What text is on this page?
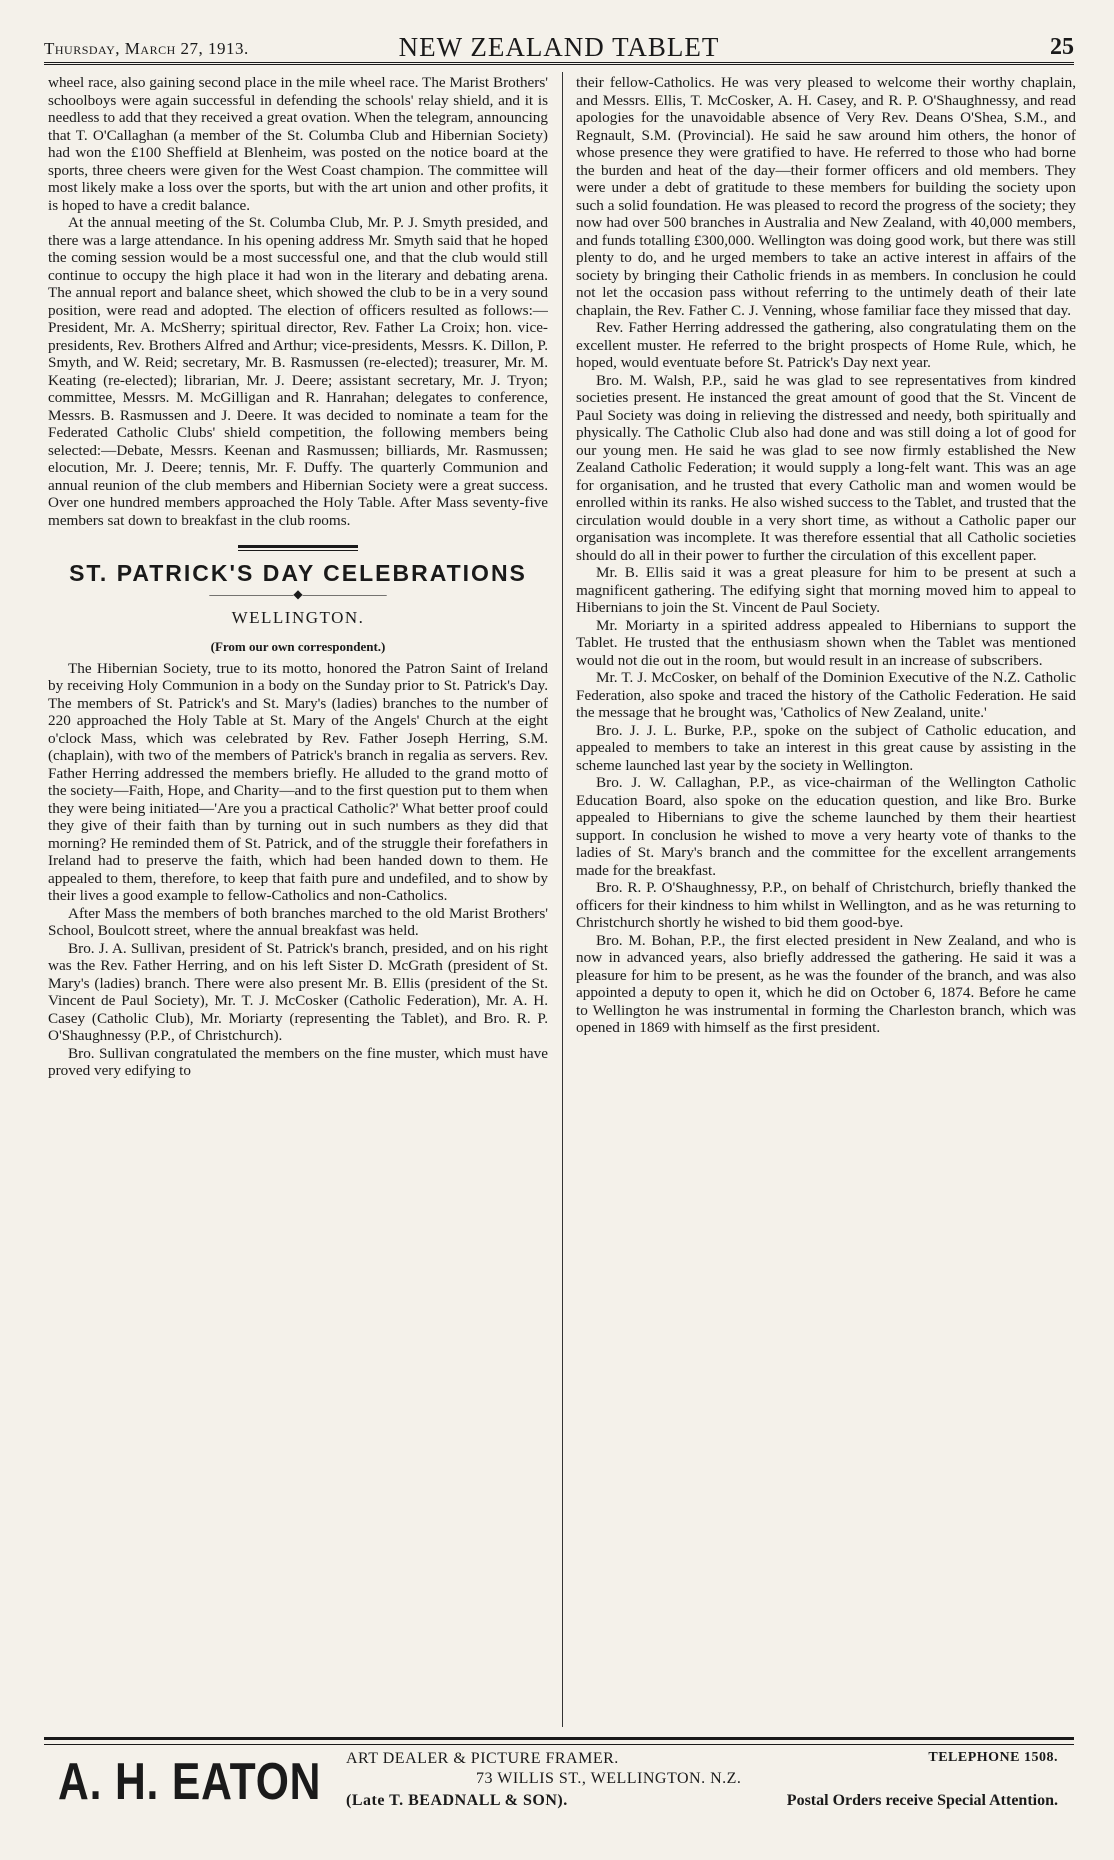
Thursday, March 27, 1913.	NEW ZEALAND TABLET	25

wheel race, also gaining second place in the mile wheel race. The Marist Brothers' schoolboys were again successful in defending the schools' relay shield, and it is needless to add that they received a great ovation. When the telegram, announcing that T. O'Callaghan (a member of the St. Columba Club and Hibernian Society) had won the £100 Sheffield at Blenheim, was posted on the notice board at the sports, three cheers were given for the West Coast champion. The committee will most likely make a loss over the sports, but with the art union and other profits, it is hoped to have a credit balance.

At the annual meeting of the St. Columba Club, Mr. P. J. Smyth presided, and there was a large attendance. In his opening address Mr. Smyth said that he hoped the coming session would be a most successful one, and that the club would still continue to occupy the high place it had won in the literary and debating arena. The annual report and balance sheet, which showed the club to be in a very sound position, were read and adopted. The election of officers resulted as follows:—President, Mr. A. McSherry; spiritual director, Rev. Father La Croix; hon. vice-presidents, Rev. Brothers Alfred and Arthur; vice-presidents, Messrs. K. Dillon, P. Smyth, and W. Reid; secretary, Mr. B. Rasmussen (re-elected); treasurer, Mr. M. Keating (re-elected); librarian, Mr. J. Deere; assistant secretary, Mr. J. Tryon; committee, Messrs. M. McGilligan and R. Hanrahan; delegates to conference, Messrs. B. Rasmussen and J. Deere. It was decided to nominate a team for the Federated Catholic Clubs' shield competition, the following members being selected:—Debate, Messrs. Keenan and Rasmussen; billiards, Mr. Rasmussen; elocution, Mr. J. Deere; tennis, Mr. F. Duffy. The quarterly Communion and annual reunion of the club members and Hibernian Society were a great success. Over one hundred members approached the Holy Table. After Mass seventy-five members sat down to breakfast in the club rooms.

ST. PATRICK'S DAY CELEBRATIONS
———————◆———————
WELLINGTON.
(From our own correspondent.)

The Hibernian Society, true to its motto, honored the Patron Saint of Ireland by receiving Holy Communion in a body on the Sunday prior to St. Patrick's Day. The members of St. Patrick's and St. Mary's (ladies) branches to the number of 220 approached the Holy Table at St. Mary of the Angels' Church at the eight o'clock Mass, which was celebrated by Rev. Father Joseph Herring, S.M. (chaplain), with two of the members of Patrick's branch in regalia as servers. Rev. Father Herring addressed the members briefly. He alluded to the grand motto of the society—Faith, Hope, and Charity—and to the first question put to them when they were being initiated—'Are you a practical Catholic?' What better proof could they give of their faith than by turning out in such numbers as they did that morning? He reminded them of St. Patrick, and of the struggle their forefathers in Ireland had to preserve the faith, which had been handed down to them. He appealed to them, therefore, to keep that faith pure and undefiled, and to show by their lives a good example to fellow-Catholics and non-Catholics.

After Mass the members of both branches marched to the old Marist Brothers' School, Boulcott street, where the annual breakfast was held.

Bro. J. A. Sullivan, president of St. Patrick's branch, presided, and on his right was the Rev. Father Herring, and on his left Sister D. McGrath (president of St. Mary's (ladies) branch. There were also present Mr. B. Ellis (president of the St. Vincent de Paul Society), Mr. T. J. McCosker (Catholic Federation), Mr. A. H. Casey (Catholic Club), Mr. Moriarty (representing the Tablet), and Bro. R. P. O'Shaughnessy (P.P., of Christchurch).

Bro. Sullivan congratulated the members on the fine muster, which must have proved very edifying to

their fellow-Catholics. He was very pleased to welcome their worthy chaplain, and Messrs. Ellis, T. McCosker, A. H. Casey, and R. P. O'Shaughnessy, and read apologies for the unavoidable absence of Very Rev. Deans O'Shea, S.M., and Regnault, S.M. (Provincial). He said he saw around him others, the honor of whose presence they were gratified to have. He referred to those who had borne the burden and heat of the day—their former officers and old members. They were under a debt of gratitude to these members for building the society upon such a solid foundation. He was pleased to record the progress of the society; they now had over 500 branches in Australia and New Zealand, with 40,000 members, and funds totalling £300,000. Wellington was doing good work, but there was still plenty to do, and he urged members to take an active interest in affairs of the society by bringing their Catholic friends in as members. In conclusion he could not let the occasion pass without referring to the untimely death of their late chaplain, the Rev. Father C. J. Venning, whose familiar face they missed that day.

Rev. Father Herring addressed the gathering, also congratulating them on the excellent muster. He referred to the bright prospects of Home Rule, which, he hoped, would eventuate before St. Patrick's Day next year.

Bro. M. Walsh, P.P., said he was glad to see representatives from kindred societies present. He instanced the great amount of good that the St. Vincent de Paul Society was doing in relieving the distressed and needy, both spiritually and physically. The Catholic Club also had done and was still doing a lot of good for our young men. He said he was glad to see now firmly established the New Zealand Catholic Federation; it would supply a long-felt want. This was an age for organisation, and he trusted that every Catholic man and women would be enrolled within its ranks. He also wished success to the Tablet, and trusted that the circulation would double in a very short time, as without a Catholic paper our organisation was incomplete. It was therefore essential that all Catholic societies should do all in their power to further the circulation of this excellent paper.

Mr. B. Ellis said it was a great pleasure for him to be present at such a magnificent gathering. The edifying sight that morning moved him to appeal to Hibernians to join the St. Vincent de Paul Society.

Mr. Moriarty in a spirited address appealed to Hibernians to support the Tablet. He trusted that the enthusiasm shown when the Tablet was mentioned would not die out in the room, but would result in an increase of subscribers.

Mr. T. J. McCosker, on behalf of the Dominion Executive of the N.Z. Catholic Federation, also spoke and traced the history of the Catholic Federation. He said the message that he brought was, 'Catholics of New Zealand, unite.'

Bro. J. J. L. Burke, P.P., spoke on the subject of Catholic education, and appealed to members to take an interest in this great cause by assisting in the scheme launched last year by the society in Wellington.

Bro. J. W. Callaghan, P.P., as vice-chairman of the Wellington Catholic Education Board, also spoke on the education question, and like Bro. Burke appealed to Hibernians to give the scheme launched by them their heartiest support. In conclusion he wished to move a very hearty vote of thanks to the ladies of St. Mary's branch and the committee for the excellent arrangements made for the breakfast.

Bro. R. P. O'Shaughnessy, P.P., on behalf of Christchurch, briefly thanked the officers for their kindness to him whilst in Wellington, and as he was returning to Christchurch shortly he wished to bid them good-bye.

Bro. M. Bohan, P.P., the first elected president in New Zealand, and who is now in advanced years, also briefly addressed the gathering. He said it was a pleasure for him to be present, as he was the founder of the branch, and was also appointed a deputy to open it, which he did on October 6, 1874. Before he came to Wellington he was instrumental in forming the Charleston branch, which was opened in 1869 with himself as the first president.

A. H. EATON ART DEALER & PICTURE FRAMER.
73 WILLIS ST., WELLINGTON. N.Z.
(Late T. BEADNALL & SON).
TELEPHONE 1508.
Postal Orders receive Special Attention.
